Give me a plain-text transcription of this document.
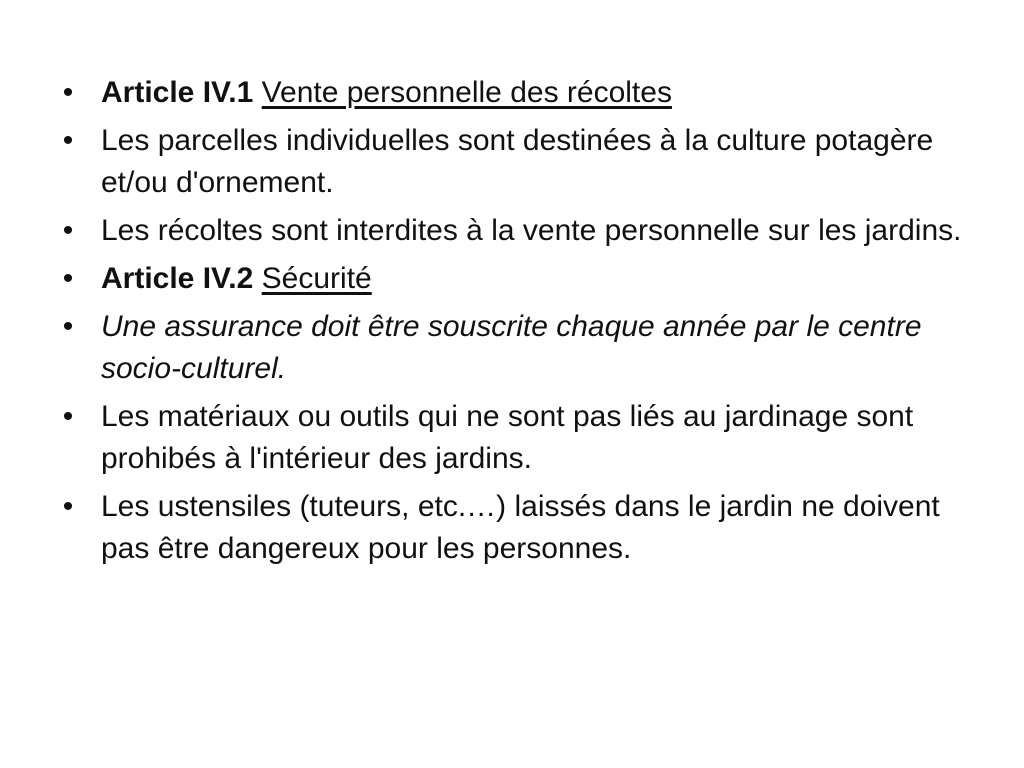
• Article IV.1 Vente personnelle des récoltes
• Les parcelles individuelles sont destinées à la culture potagère et/ou d'ornement.
• Les récoltes sont interdites à la vente personnelle sur les jardins.
• Article IV.2 Sécurité
• Une assurance doit être souscrite chaque année par le centre socio-culturel.
• Les matériaux ou outils qui ne sont pas liés au jardinage sont prohibés à l'intérieur des jardins.
• Les ustensiles (tuteurs, etc.…) laissés dans le jardin ne doivent pas être dangereux pour les personnes.
